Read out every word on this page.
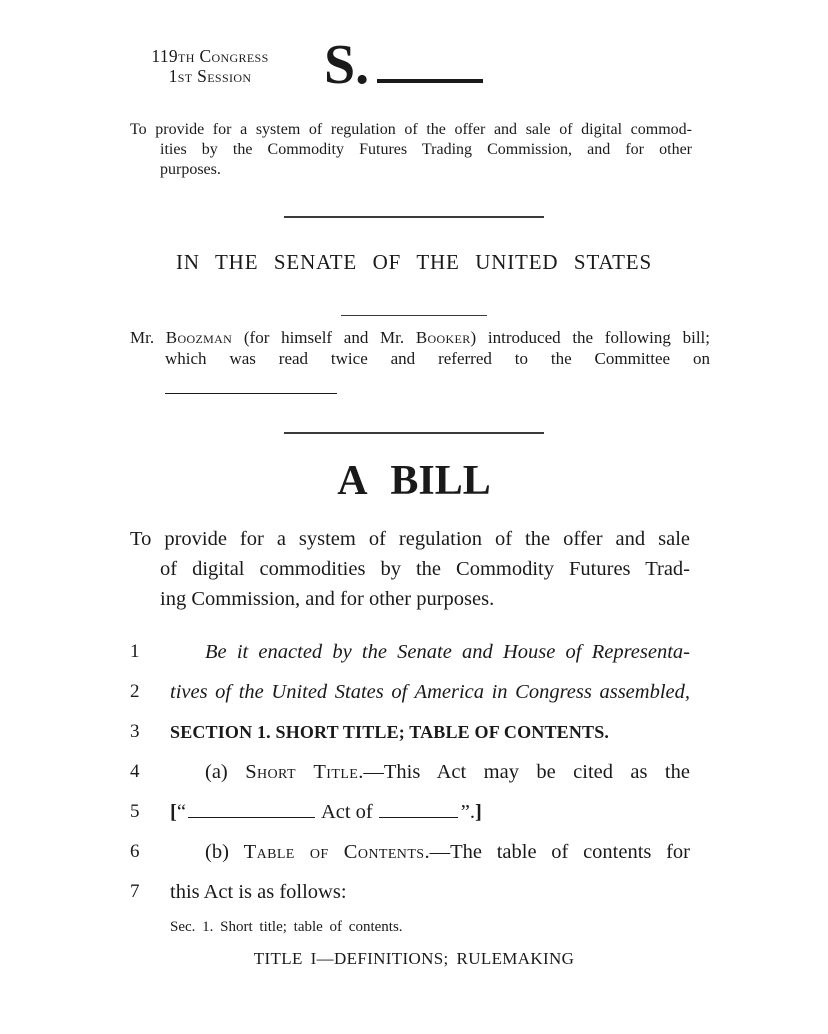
119th Congress
1st Session	S.
To provide for a system of regulation of the offer and sale of digital commod-
ities by the Commodity Futures Trading Commission, and for other
purposes.
IN THE SENATE OF THE UNITED STATES
Mr. Boozman (for himself and Mr. Booker) introduced the following bill;
which was read twice and referred to the Committee on
A BILL
To provide for a system of regulation of the offer and sale
of digital commodities by the Commodity Futures Trad-
ing Commission, and for other purposes.
1	Be it enacted by the Senate and House of Representa-
2	tives of the United States of America in Congress assembled,
3	SECTION 1. SHORT TITLE; TABLE OF CONTENTS.
4	(a) Short Title.—This Act may be cited as the
5	[“	Act of	”.]
6	(b) Table of Contents.—The table of contents for
7	this Act is as follows:
Sec. 1. Short title; table of contents.
TITLE I—DEFINITIONS; RULEMAKING
